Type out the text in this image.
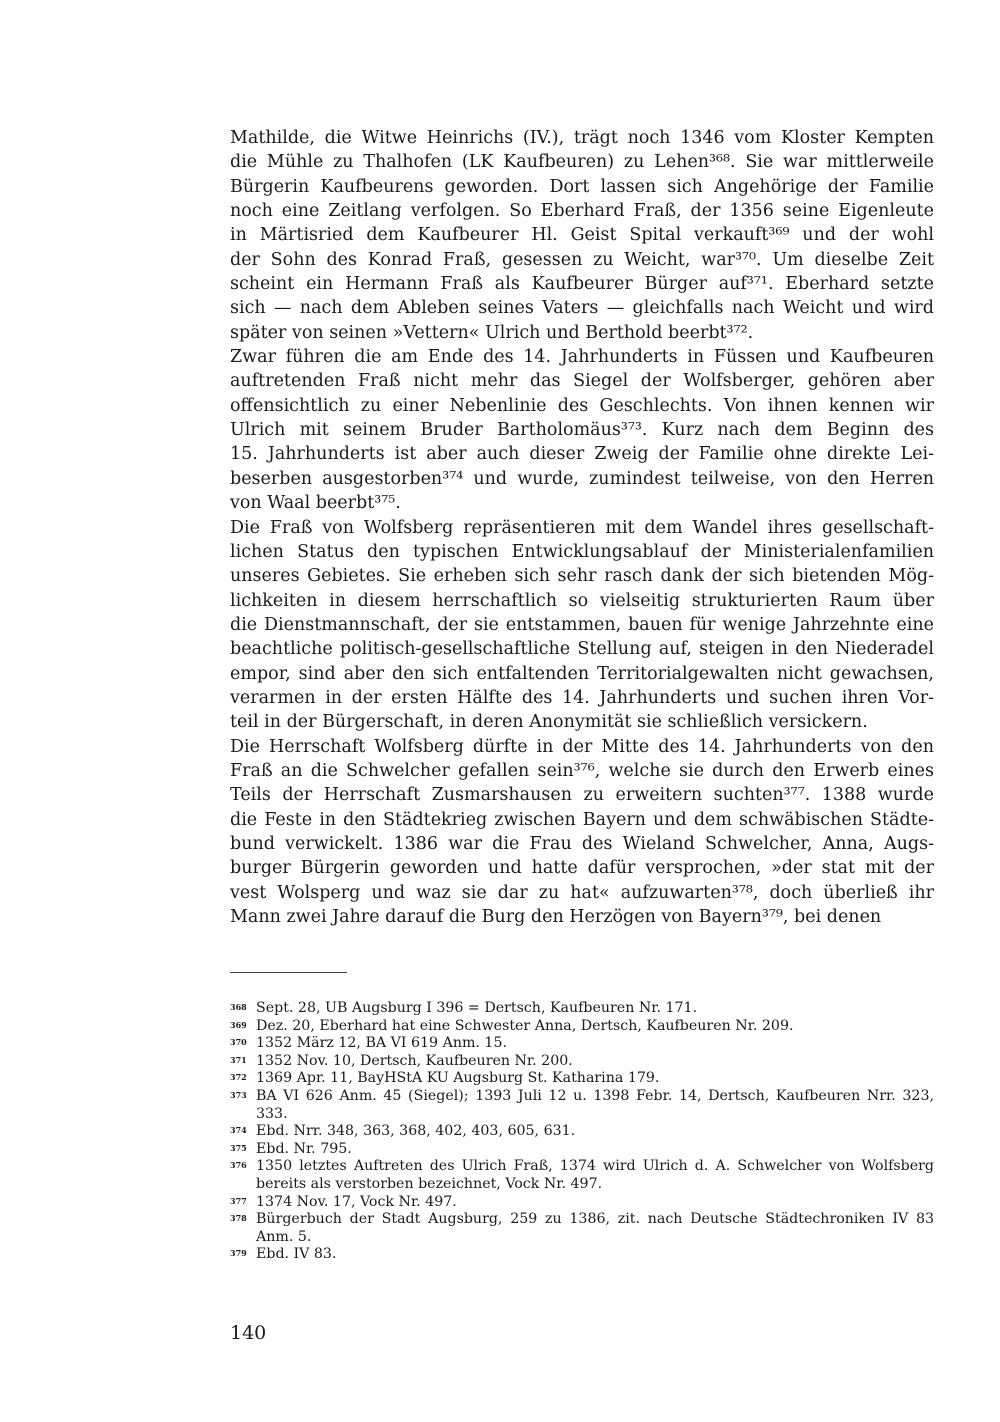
Mathilde, die Witwe Heinrichs (IV.), trägt noch 1346 vom Kloster Kempten
die Mühle zu Thalhofen (LK Kaufbeuren) zu Lehen³⁶⁸. Sie war mittlerweile
Bürgerin Kaufbeurens geworden. Dort lassen sich Angehörige der Familie
noch eine Zeitlang verfolgen. So Eberhard Fraß, der 1356 seine Eigenleute
in Märtisried dem Kaufbeurer Hl. Geist Spital verkauft³⁶⁹ und der wohl
der Sohn des Konrad Fraß, gesessen zu Weicht, war³⁷⁰. Um dieselbe Zeit
scheint ein Hermann Fraß als Kaufbeurer Bürger auf³⁷¹. Eberhard setzte
sich — nach dem Ableben seines Vaters — gleichfalls nach Weicht und wird
später von seinen »Vettern« Ulrich und Berthold beerbt³⁷².
Zwar führen die am Ende des 14. Jahrhunderts in Füssen und Kaufbeuren
auftretenden Fraß nicht mehr das Siegel der Wolfsberger, gehören aber
offensichtlich zu einer Nebenlinie des Geschlechts. Von ihnen kennen wir
Ulrich mit seinem Bruder Bartholomäus³⁷³. Kurz nach dem Beginn des
15. Jahrhunderts ist aber auch dieser Zweig der Familie ohne direkte Lei-
beserben ausgestorben³⁷⁴ und wurde, zumindest teilweise, von den Herren
von Waal beerbt³⁷⁵.
Die Fraß von Wolfsberg repräsentieren mit dem Wandel ihres gesellschaft-
lichen Status den typischen Entwicklungsablauf der Ministerialenfamilien
unseres Gebietes. Sie erheben sich sehr rasch dank der sich bietenden Mög-
lichkeiten in diesem herrschaftlich so vielseitig strukturierten Raum über
die Dienstmannschaft, der sie entstammen, bauen für wenige Jahrzehnte eine
beachtliche politisch-gesellschaftliche Stellung auf, steigen in den Niederadel
empor, sind aber den sich entfaltenden Territorialgewalten nicht gewachsen,
verarmen in der ersten Hälfte des 14. Jahrhunderts und suchen ihren Vor-
teil in der Bürgerschaft, in deren Anonymität sie schließlich versickern.
Die Herrschaft Wolfsberg dürfte in der Mitte des 14. Jahrhunderts von den
Fraß an die Schwelcher gefallen sein³⁷⁶, welche sie durch den Erwerb eines
Teils der Herrschaft Zusmarshausen zu erweitern suchten³⁷⁷. 1388 wurde
die Feste in den Städtekrieg zwischen Bayern und dem schwäbischen Städte-
bund verwickelt. 1386 war die Frau des Wieland Schwelcher, Anna, Augs-
burger Bürgerin geworden und hatte dafür versprochen, »der stat mit der
vest Wolsperg und waz sie dar zu hat« aufzuwarten³⁷⁸, doch überließ ihr
Mann zwei Jahre darauf die Burg den Herzögen von Bayern³⁷⁹, bei denen
368 Sept. 28, UB Augsburg I 396 = Dertsch, Kaufbeuren Nr. 171.
369 Dez. 20, Eberhard hat eine Schwester Anna, Dertsch, Kaufbeuren Nr. 209.
370 1352 März 12, BA VI 619 Anm. 15.
371 1352 Nov. 10, Dertsch, Kaufbeuren Nr. 200.
372 1369 Apr. 11, BayHStA KU Augsburg St. Katharina 179.
373 BA VI 626 Anm. 45 (Siegel); 1393 Juli 12 u. 1398 Febr. 14, Dertsch, Kaufbeuren Nrr. 323, 333.
374 Ebd. Nrr. 348, 363, 368, 402, 403, 605, 631.
375 Ebd. Nr. 795.
376 1350 letztes Auftreten des Ulrich Fraß, 1374 wird Ulrich d. A. Schwelcher von Wolfsberg bereits als verstorben bezeichnet, Vock Nr. 497.
377 1374 Nov. 17, Vock Nr. 497.
378 Bürgerbuch der Stadt Augsburg, 259 zu 1386, zit. nach Deutsche Städtechroniken IV 83 Anm. 5.
379 Ebd. IV 83.
140
